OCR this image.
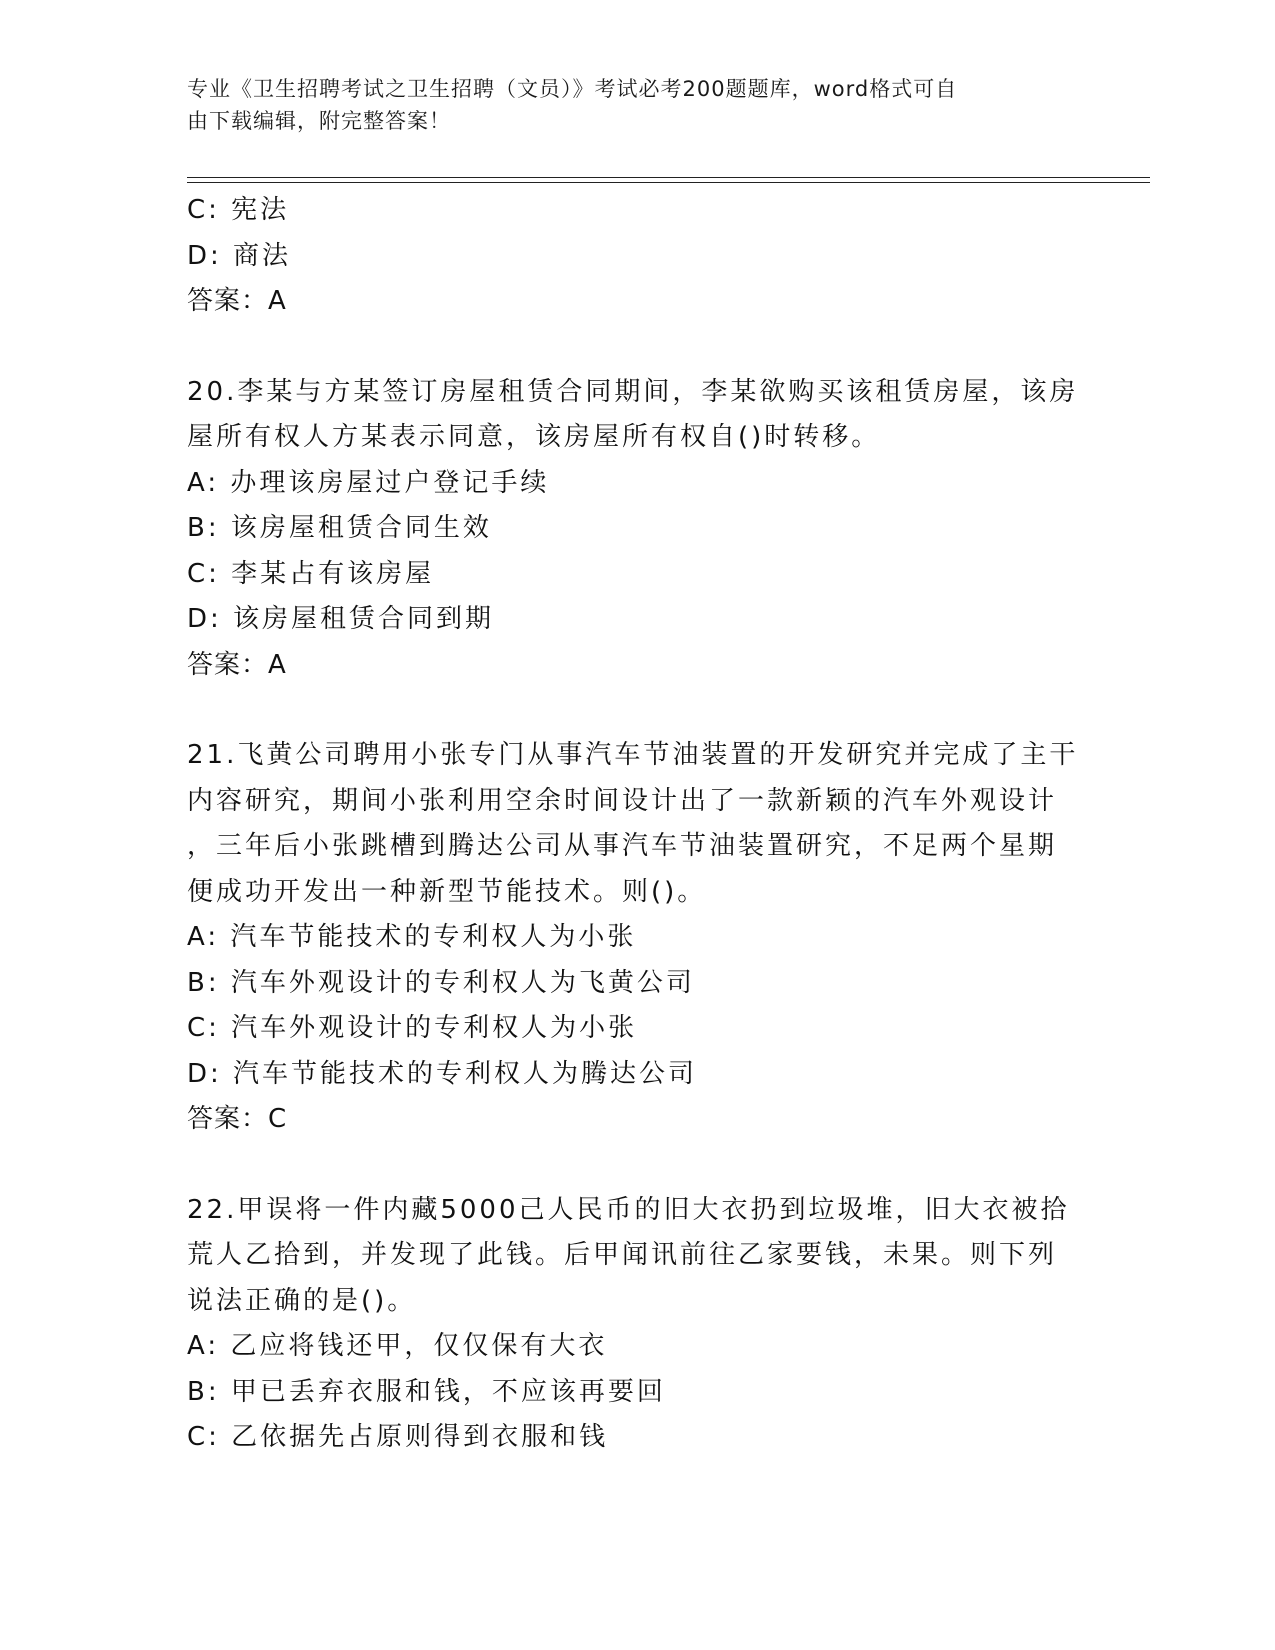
专业《卫生招聘考试之卫生招聘（文员）》考试必考200题题库，word格式可自
由下载编辑，附完整答案！
C: 宪法
D: 商法
答案：A
20.李某与方某签订房屋租赁合同期间，李某欲购买该租赁房屋，该房
屋所有权人方某表示同意，该房屋所有权自()时转移。
A: 办理该房屋过户登记手续
B: 该房屋租赁合同生效
C: 李某占有该房屋
D: 该房屋租赁合同到期
答案：A
21.飞黄公司聘用小张专门从事汽车节油装置的开发研究并完成了主干
内容研究，期间小张利用空余时间设计出了一款新颖的汽车外观设计
，三年后小张跳槽到腾达公司从事汽车节油装置研究，不足两个星期
便成功开发出一种新型节能技术。则()。
A: 汽车节能技术的专利权人为小张
B: 汽车外观设计的专利权人为飞黄公司
C: 汽车外观设计的专利权人为小张
D: 汽车节能技术的专利权人为腾达公司
答案：C
22.甲误将一件内藏5000己人民币的旧大衣扔到垃圾堆，旧大衣被拾
荒人乙拾到，并发现了此钱。后甲闻讯前往乙家要钱，未果。则下列
说法正确的是()。
A: 乙应将钱还甲，仅仅保有大衣
B: 甲已丢弃衣服和钱，不应该再要回
C: 乙依据先占原则得到衣服和钱
